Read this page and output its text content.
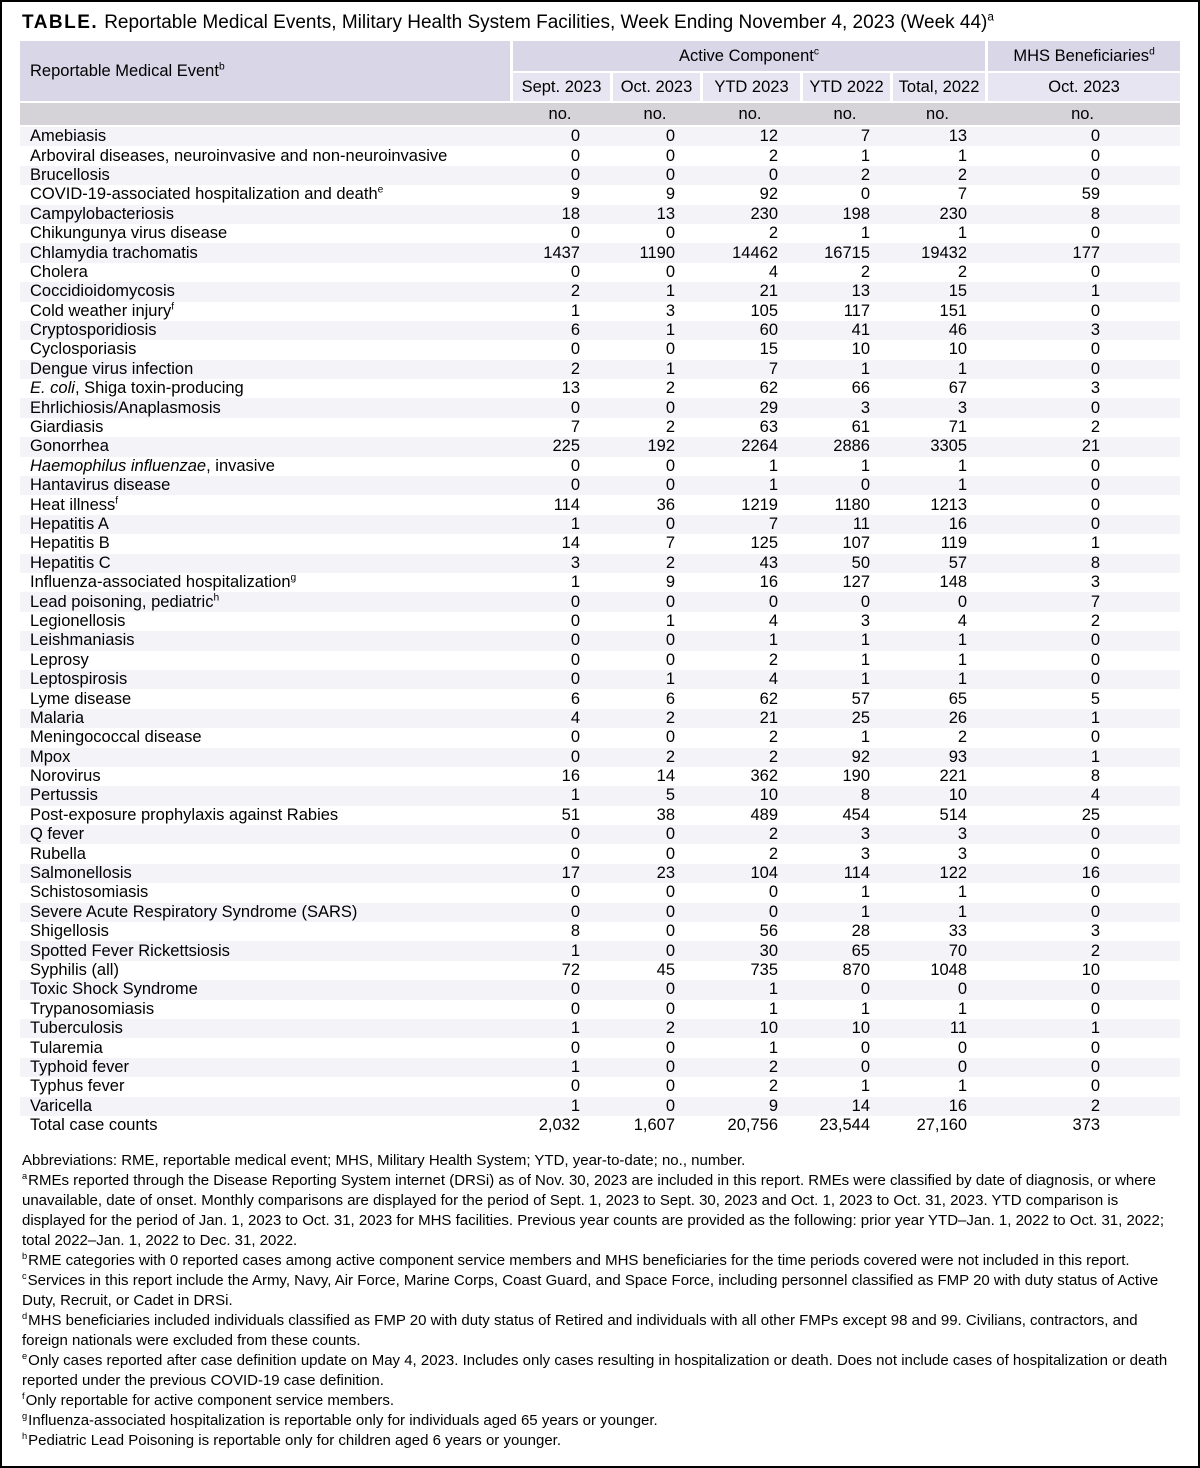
TABLE. Reportable Medical Events, Military Health System Facilities, Week Ending November 4, 2023 (Week 44)$^a$
Reportable Medical Event$^b$	Active Component$^c$					MHS Beneficiaries$^d$
	Sept. 2023	Oct. 2023	YTD 2023	YTD 2022	Total, 2022	Oct. 2023
	no.	no.	no.	no.	no.	no.
Amebiasis	0	0	12	7	13	0
Arboviral diseases, neuroinvasive and non-neuroinvasive	0	0	2	1	1	0
Brucellosis	0	0	0	2	2	0
COVID-19-associated hospitalization and death$^e$	9	9	92	0	7	59
Campylobacteriosis	18	13	230	198	230	8
Chikungunya virus disease	0	0	2	1	1	0
Chlamydia trachomatis	1437	1190	14462	16715	19432	177
Cholera	0	0	4	2	2	0
Coccidioidomycosis	2	1	21	13	15	1
Cold weather injury$^f$	1	3	105	117	151	0
Cryptosporidiosis	6	1	60	41	46	3
Cyclosporiasis	0	0	15	10	10	0
Dengue virus infection	2	1	7	1	1	0
E. coli, Shiga toxin-producing	13	2	62	66	67	3
Ehrlichiosis/Anaplasmosis	0	0	29	3	3	0
Giardiasis	7	2	63	61	71	2
Gonorrhea	225	192	2264	2886	3305	21
Haemophilus influenzae, invasive	0	0	1	1	1	0
Hantavirus disease	0	0	1	0	1	0
Heat illness$^f$	114	36	1219	1180	1213	0
Hepatitis A	1	0	7	11	16	0
Hepatitis B	14	7	125	107	119	1
Hepatitis C	3	2	43	50	57	8
Influenza-associated hospitalization$^g$	1	9	16	127	148	3
Lead poisoning, pediatric$^h$	0	0	0	0	0	7
Legionellosis	0	1	4	3	4	2
Leishmaniasis	0	0	1	1	1	0
Leprosy	0	0	2	1	1	0
Leptospirosis	0	1	4	1	1	0
Lyme disease	6	6	62	57	65	5
Malaria	4	2	21	25	26	1
Meningococcal disease	0	0	2	1	2	0
Mpox	0	2	2	92	93	1
Norovirus	16	14	362	190	221	8
Pertussis	1	5	10	8	10	4
Post-exposure prophylaxis against Rabies	51	38	489	454	514	25
Q fever	0	0	2	3	3	0
Rubella	0	0	2	3	3	0
Salmonellosis	17	23	104	114	122	16
Schistosomiasis	0	0	0	1	1	0
Severe Acute Respiratory Syndrome (SARS)	0	0	0	1	1	0
Shigellosis	8	0	56	28	33	3
Spotted Fever Rickettsiosis	1	0	30	65	70	2
Syphilis (all)	72	45	735	870	1048	10
Toxic Shock Syndrome	0	0	1	0	0	0
Trypanosomiasis	0	0	1	1	1	0
Tuberculosis	1	2	10	10	11	1
Tularemia	0	0	1	0	0	0
Typhoid fever	1	0	2	0	0	0
Typhus fever	0	0	2	1	1	0
Varicella	1	0	9	14	16	2
Total case counts	2,032	1,607	20,756	23,544	27,160	373
Abbreviations: RME, reportable medical event; MHS, Military Health System; YTD, year-to-date; no., number.
$^a$RMEs reported through the Disease Reporting System internet (DRSi) as of Nov. 30, 2023 are included in this report. RMEs were classified by date of diagnosis, or where unavailable, date of onset. Monthly comparisons are displayed for the period of Sept. 1, 2023 to Sept. 30, 2023 and Oct. 1, 2023 to Oct. 31, 2023. YTD comparison is displayed for the period of Jan. 1, 2023 to Oct. 31, 2023 for MHS facilities. Previous year counts are provided as the following: prior year YTD–Jan. 1, 2022 to Oct. 31, 2022; total 2022–Jan. 1, 2022 to Dec. 31, 2022.
$^b$RME categories with 0 reported cases among active component service members and MHS beneficiaries for the time periods covered were not included in this report.
$^c$Services in this report include the Army, Navy, Air Force, Marine Corps, Coast Guard, and Space Force, including personnel classified as FMP 20 with duty status of Active Duty, Recruit, or Cadet in DRSi.
$^d$MHS beneficiaries included individuals classified as FMP 20 with duty status of Retired and individuals with all other FMPs except 98 and 99. Civilians, contractors, and foreign nationals were excluded from these counts.
$^e$Only cases reported after case definition update on May 4, 2023. Includes only cases resulting in hospitalization or death. Does not include cases of hospitalization or death reported under the previous COVID-19 case definition.
$^f$Only reportable for active component service members.
$^g$Influenza-associated hospitalization is reportable only for individuals aged 65 years or younger.
$^h$Pediatric Lead Poisoning is reportable only for children aged 6 years or younger.
